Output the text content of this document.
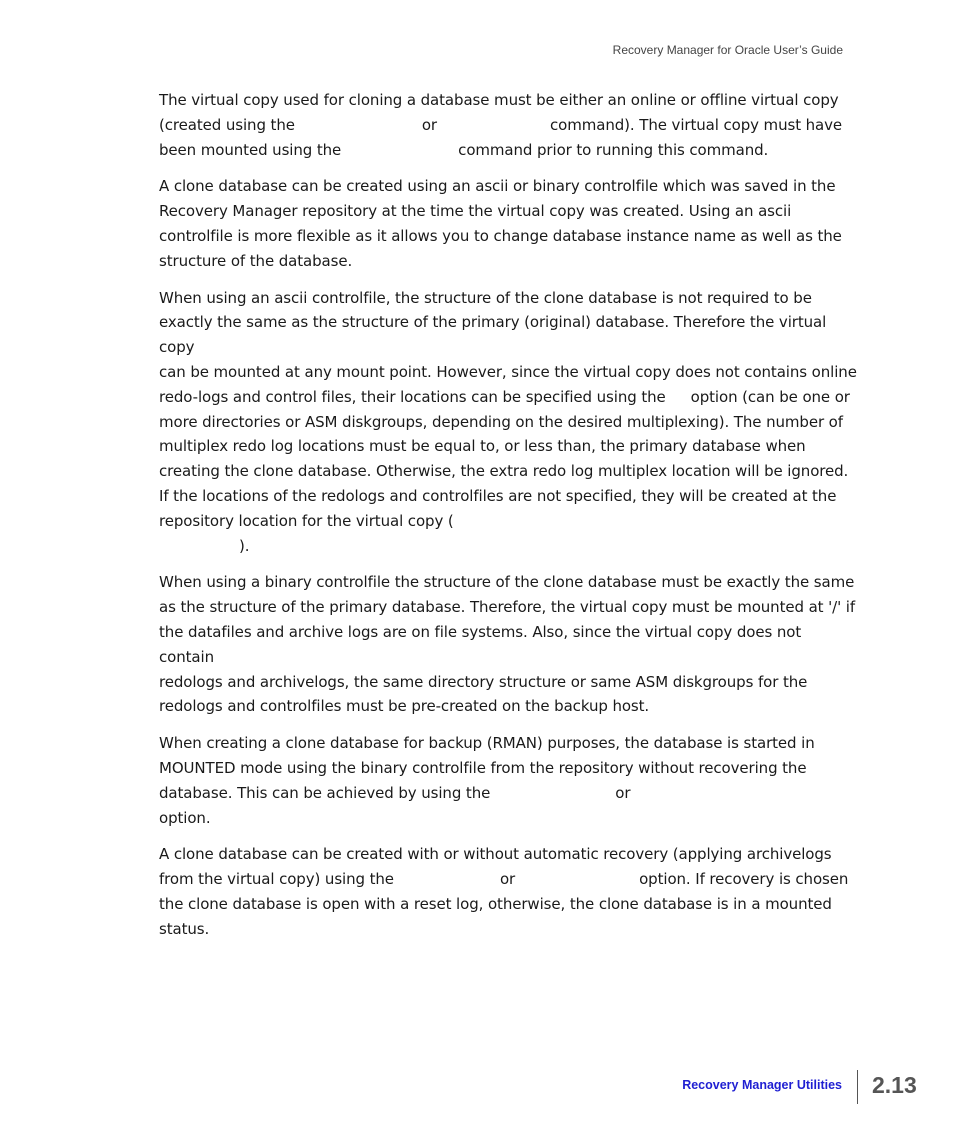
Recovery Manager for Oracle User’s Guide

The virtual copy used for cloning a database must be either an online or offline virtual copy
(created using the	or	command). The virtual copy must have
been mounted using the	command prior to running this command.

A clone database can be created using an ascii or binary controlfile which was saved in the
Recovery Manager repository at the time the virtual copy was created. Using an ascii
controlfile is more flexible as it allows you to change database instance name as well as the
structure of the database.

When using an ascii controlfile, the structure of the clone database is not required to be
exactly the same as the structure of the primary (original) database. Therefore the virtual copy
can be mounted at any mount point. However, since the virtual copy does not contains online
redo-logs and control files, their locations can be specified using the option (can be one or
more directories or ASM diskgroups, depending on the desired multiplexing). The number of
multiplex redo log locations must be equal to, or less than, the primary database when
creating the clone database. Otherwise, the extra redo log multiplex location will be ignored.
If the locations of the redologs and controlfiles are not specified, they will be created at the
repository location for the virtual copy (
).

When using a binary controlfile the structure of the clone database must be exactly the same
as the structure of the primary database. Therefore, the virtual copy must be mounted at '/' if
the datafiles and archive logs are on file systems. Also, since the virtual copy does not contain
redologs and archivelogs, the same directory structure or same ASM diskgroups for the
redologs and controlfiles must be pre-created on the backup host.

When creating a clone database for backup (RMAN) purposes, the database is started in
MOUNTED mode using the binary controlfile from the repository without recovering the
database. This can be achieved by using the	or
option.

A clone database can be created with or without automatic recovery (applying archivelogs
from the virtual copy) using the	or	option. If recovery is chosen
the clone database is open with a reset log, otherwise, the clone database is in a mounted
status.

Recovery Manager Utilities 2.13
